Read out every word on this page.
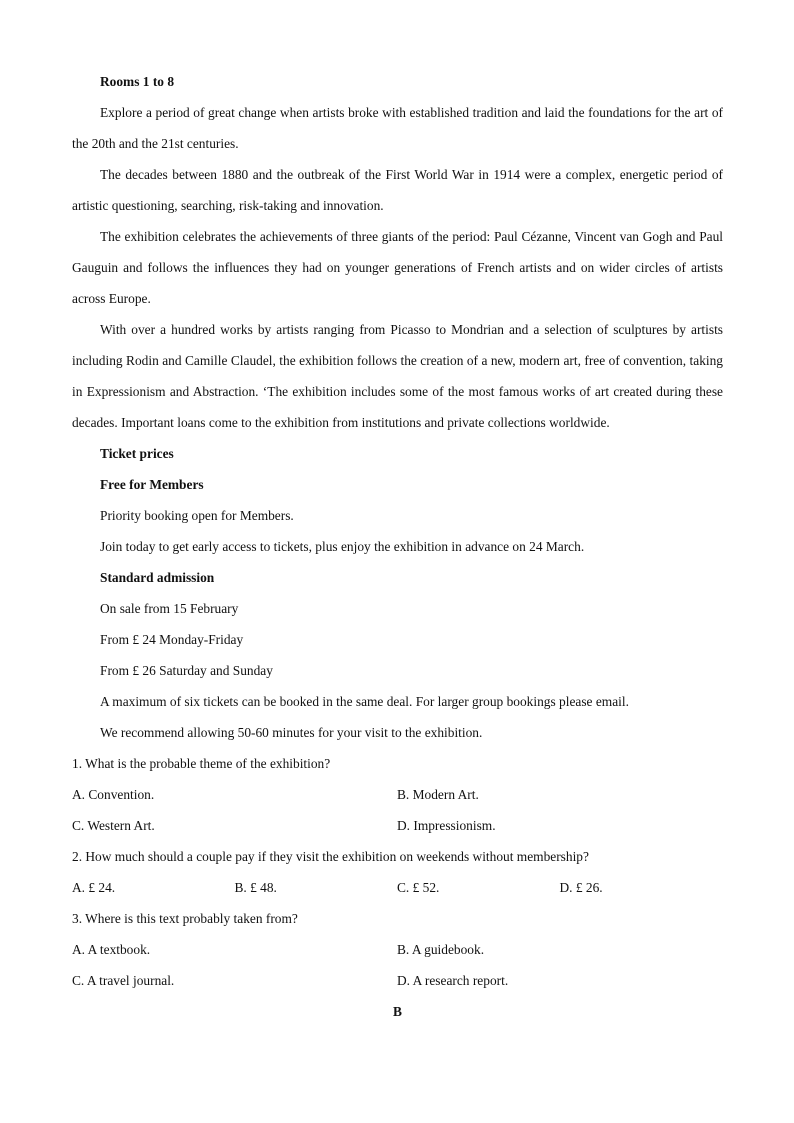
Rooms 1 to 8

Explore a period of great change when artists broke with established tradition and laid the foundations for the art of the 20th and the 21st centuries.

The decades between 1880 and the outbreak of the First World War in 1914 were a complex, energetic period of artistic questioning, searching, risk-taking and innovation.

The exhibition celebrates the achievements of three giants of the period: Paul Cézanne, Vincent van Gogh and Paul Gauguin and follows the influences they had on younger generations of French artists and on wider circles of artists across Europe.

With over a hundred works by artists ranging from Picasso to Mondrian and a selection of sculptures by artists including Rodin and Camille Claudel, the exhibition follows the creation of a new, modern art, free of convention, taking in Expressionism and Abstraction. ‘The exhibition includes some of the most famous works of art created during these decades. Important loans come to the exhibition from institutions and private collections worldwide.

Ticket prices
Free for Members
Priority booking open for Members.
Join today to get early access to tickets, plus enjoy the exhibition in advance on 24 March.
Standard admission
On sale from 15 February
From £ 24 Monday-Friday
From £ 26 Saturday and Sunday
A maximum of six tickets can be booked in the same deal. For larger group bookings please email.
We recommend allowing 50-60 minutes for your visit to the exhibition.
1. What is the probable theme of the exhibition?
A. Convention.	B. Modern Art.
C. Western Art.	D. Impressionism.
2. How much should a couple pay if they visit the exhibition on weekends without membership?
A. £ 24.	B. £ 48.	C. £ 52.	D. £ 26.
3. Where is this text probably taken from?
A. A textbook.	B. A guidebook.
C. A travel journal.	D. A research report.
B
